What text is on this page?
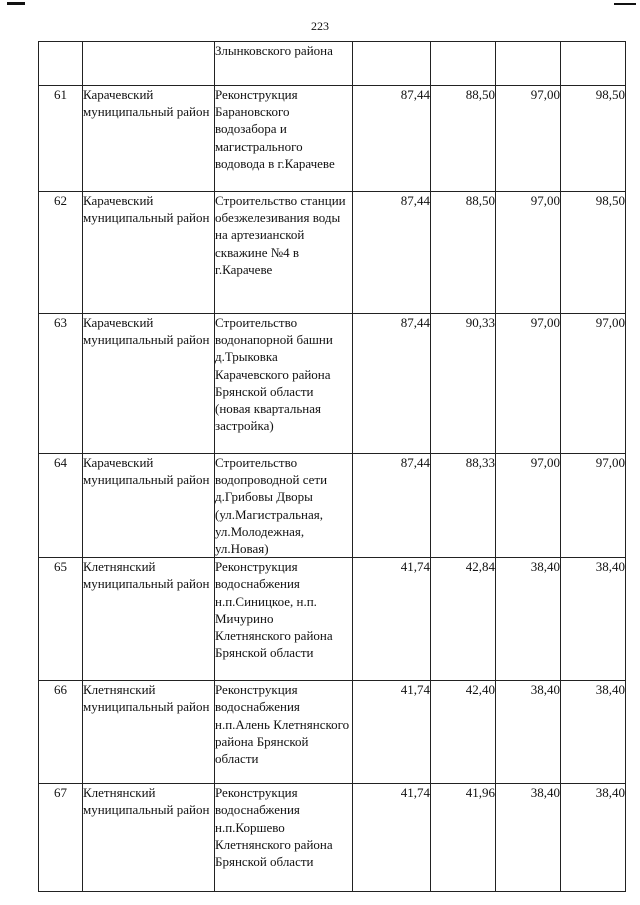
223
		Злынковского района				
61	Карачевский муниципальный район	Реконструкция Барановского водозабора и магистрального водовода в г.Карачеве	87,44	88,50	97,00	98,50
62	Карачевский муниципальный район	Строительство станции обезжелезивания воды на артезианской скважине №4 в г.Карачеве	87,44	88,50	97,00	98,50
63	Карачевский муниципальный район	Строительство водонапорной башни д.Трыковка Карачевского района Брянской области (новая квартальная застройка)	87,44	90,33	97,00	97,00
64	Карачевский муниципальный район	Строительство водопроводной сети д.Грибовы Дворы (ул.Магистральная, ул.Молодежная, ул.Новая)	87,44	88,33	97,00	97,00
65	Клетнянский муниципальный район	Реконструкция водоснабжения н.п.Синицкое, н.п. Мичурино Клетнянского района Брянской области	41,74	42,84	38,40	38,40
66	Клетнянский муниципальный район	Реконструкция водоснабжения н.п.Алень Клетнянского района Брянской области	41,74	42,40	38,40	38,40
67	Клетнянский муниципальный район	Реконструкция водоснабжения н.п.Коршево Клетнянского района Брянской области	41,74	41,96	38,40	38,40
